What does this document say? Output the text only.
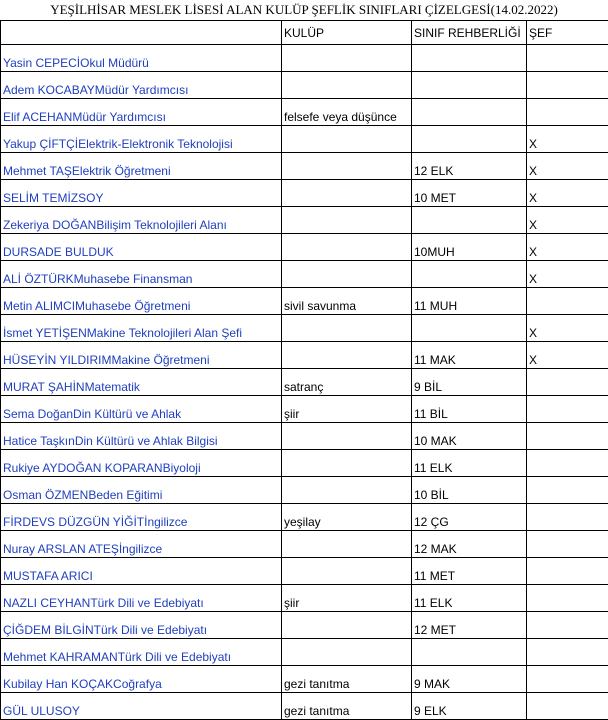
YEŞİLHİSAR MESLEK LİSESİ ALAN KULÜP ŞEFLİK SINIFLARI ÇİZELGESİ(14.02.2022)
	KULÜP	SINIF REHBERLİĞİ	ŞEF
Yasin CEPECİOkul Müdürü			
Adem KOCABAYMüdür Yardımcısı			
Elif ACEHANMüdür Yardımcısı	felsefe veya düşünce		
Yakup ÇİFTÇİElektrik-Elektronik Teknolojisi			X
Mehmet TAŞElektrik Öğretmeni		12 ELK	X
SELİM TEMİZSOY		10 MET	X
Zekeriya DOĞANBilişim Teknolojileri Alanı			X
DURSADE BULDUK		10MUH	X
ALİ ÖZTÜRKMuhasebe Finansman			X
Metin ALIMCIMuhasebe Öğretmeni	sivil savunma	11 MUH	
İsmet YETİŞENMakine Teknolojileri Alan Şefi			X
HÜSEYİN YILDIRIMMakine Öğretmeni		11 MAK	X
MURAT ŞAHİNMatematik	satranç	9 BİL	
Sema DoğanDin Kültürü ve Ahlak	şiir	11 BİL	
Hatice TaşkınDin Kültürü ve Ahlak Bilgisi		10 MAK	
Rukiye AYDOĞAN KOPARANBiyoloji		11 ELK	
Osman ÖZMENBeden Eğitimi		10 BİL	
FİRDEVS DÜZGÜN YİĞİTİngilizce	yeşilay	12 ÇG	
Nuray ARSLAN ATEŞİngilizce		12 MAK	
MUSTAFA ARICI		11 MET	
NAZLI CEYHANTürk Dili ve Edebiyatı	şiir	11 ELK	
ÇİĞDEM BİLGİNTürk Dili ve Edebiyatı		12 MET	
Mehmet KAHRAMANTürk Dili ve Edebiyatı			
Kubilay Han KOÇAKCoğrafya	gezi tanıtma	9 MAK	
GÜL ULUSOY	gezi tanıtma	9 ELK	
